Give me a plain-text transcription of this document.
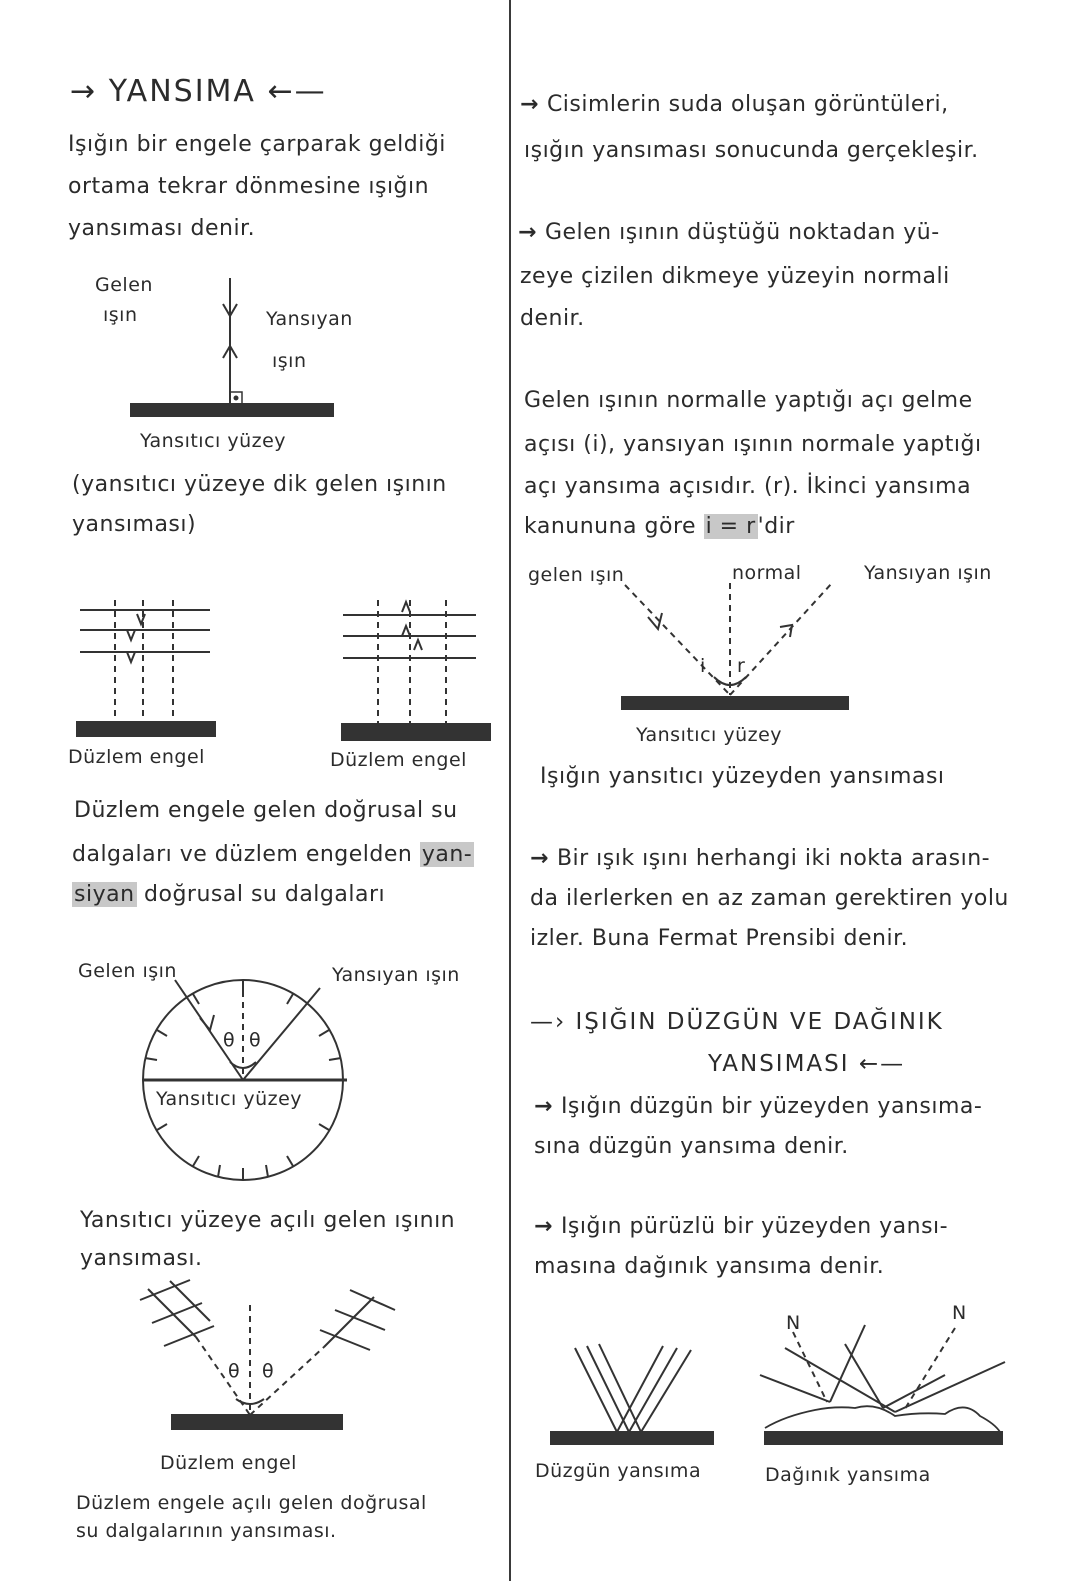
→ YANSIMA ←—

Işığın bir engele çarparak geldiği

ortama tekrar dönmesine ışığın

yansıması denir.

Gelen

ışın	Yansıyan

ışın

Yansıtıcı yüzey

(yansıtıcı yüzeye dik gelen ışının

yansıması)

Düzlem engel	Düzlem engel

Düzlem engele gelen doğrusal su

dalgaları ve düzlem engelden yan-

siyan doğrusal su dalgaları

Gelen ışın	Yansıyan ışın

θ θ

Yansıtıcı yüzey

Yansıtıcı yüzeye açılı gelen ışının

yansıması.

θ θ

Düzlem engel

Düzlem engele açılı gelen doğrusal

su dalgalarının yansıması.

→ Cisimlerin suda oluşan görüntüleri,

ışığın yansıması sonucunda gerçekleşir.

→ Gelen ışının düştüğü noktadan yü-

zeye çizilen dikmeye yüzeyin normali

denir.

Gelen ışının normalle yaptığı açı gelme

açısı (i), yansıyan ışının normale yaptığı

açı yansıma açısıdır. (r). İkinci yansıma

kanununa göre i = r'dir

gelen ışın	normal	Yansıyan ışın

i r

Yansıtıcı yüzey

Işığın yansıtıcı yüzeyden yansıması

→ Bir ışık ışını herhangi iki nokta arasın-

da ilerlerken en az zaman gerektiren yolu

izler. Buna Fermat Prensibi denir.

—› IŞIĞIN DÜZGÜN VE DAĞINIK

YANSIMASI ←—

→ Işığın düzgün bir yüzeyden yansıma-

sına düzgün yansıma denir.

→ Işığın pürüzlü bir yüzeyden yansı-

masına dağınık yansıma denir.

Düzgün yansıma

N	N

Dağınık yansıma
